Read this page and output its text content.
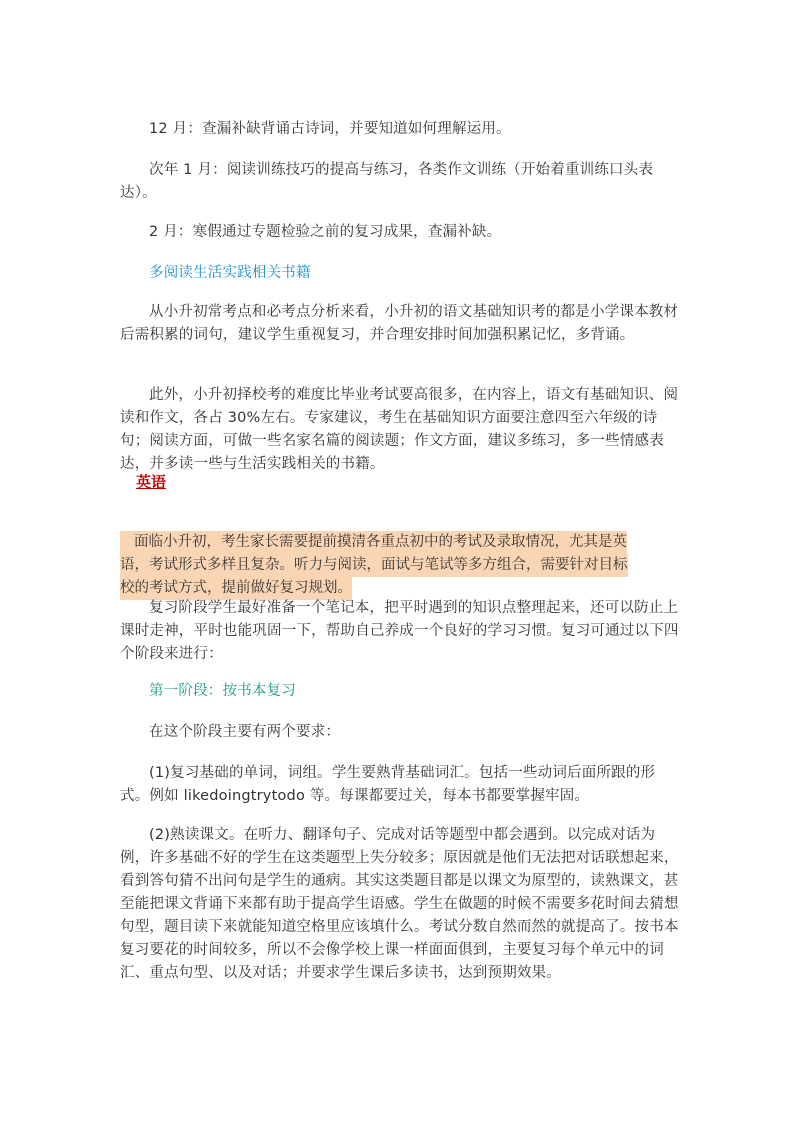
12 月：查漏补缺背诵古诗词，并要知道如何理解运用。

次年 1 月：阅读训练技巧的提高与练习，各类作文训练（开始着重训练口头表达）。

2 月：寒假通过专题检验之前的复习成果，查漏补缺。

多阅读生活实践相关书籍

从小升初常考点和必考点分析来看，小升初的语文基础知识考的都是小学课本教材后需积累的词句，建议学生重视复习，并合理安排时间加强积累记忆，多背诵。

此外，小升初择校考的难度比毕业考试要高很多，在内容上，语文有基础知识、阅读和作文，各占 30%左右。专家建议，考生在基础知识方面要注意四至六年级的诗句；阅读方面，可做一些名家名篇的阅读题；作文方面，建议多练习，多一些情感表达，并多读一些与生活实践相关的书籍。

英语
面临小升初，考生家长需要提前摸清各重点初中的考试及录取情况，尤其是英
语，考试形式多样且复杂。听力与阅读，面试与笔试等多方组合，需要针对目标
校的考试方式，提前做好复习规划。

复习阶段学生最好准备一个笔记本，把平时遇到的知识点整理起来，还可以防止上课时走神，平时也能巩固一下，帮助自己养成一个良好的学习习惯。复习可通过以下四个阶段来进行：

第一阶段：按书本复习

在这个阶段主要有两个要求：

(1)复习基础的单词，词组。学生要熟背基础词汇。包括一些动词后面所跟的形式。例如 likedoingtrytodo 等。每课都要过关，每本书都要掌握牢固。

(2)熟读课文。在听力、翻译句子、完成对话等题型中都会遇到。以完成对话为例，许多基础不好的学生在这类题型上失分较多；原因就是他们无法把对话联想起来，看到答句猜不出问句是学生的通病。其实这类题目都是以课文为原型的，读熟课文，甚至能把课文背诵下来都有助于提高学生语感。学生在做题的时候不需要多花时间去猜想句型，题目读下来就能知道空格里应该填什么。考试分数自然而然的就提高了。按书本复习要花的时间较多，所以不会像学校上课一样面面俱到，主要复习每个单元中的词汇、重点句型、以及对话；并要求学生课后多读书，达到预期效果。
